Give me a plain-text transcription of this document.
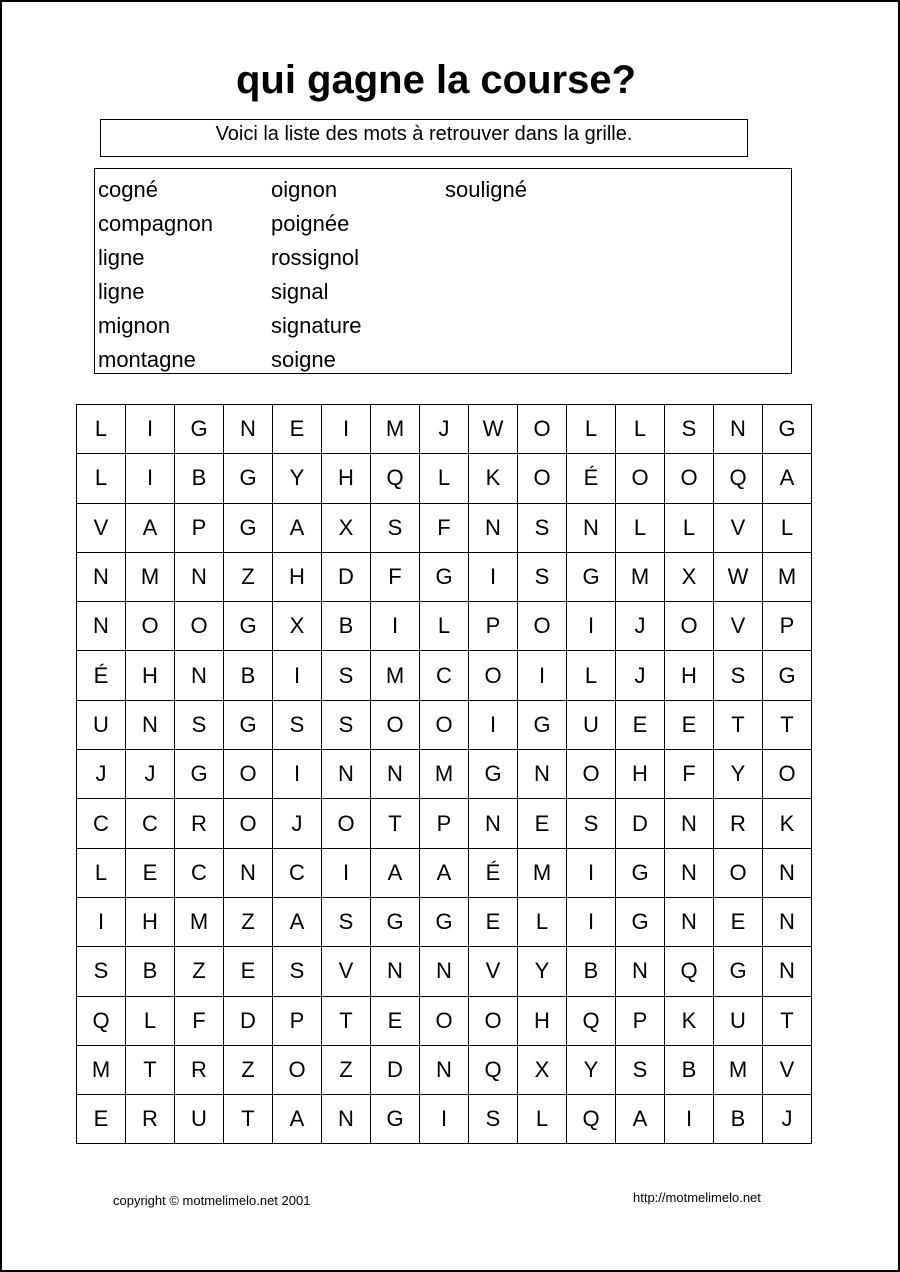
qui gagne la course?
Voici la liste des mots à retrouver dans la grille.
cogné
compagnon
ligne
ligne
mignon
montagne
oignon
poignée
rossignol
signal
signature
soigne
souligné
L	I	G	N	E	I	M	J	W	O	L	L	S	N	G
L	I	B	G	Y	H	Q	L	K	O	É	O	O	Q	A
V	A	P	G	A	X	S	F	N	S	N	L	L	V	L
N	M	N	Z	H	D	F	G	I	S	G	M	X	W	M
N	O	O	G	X	B	I	L	P	O	I	J	O	V	P
É	H	N	B	I	S	M	C	O	I	L	J	H	S	G
U	N	S	G	S	S	O	O	I	G	U	E	E	T	T
J	J	G	O	I	N	N	M	G	N	O	H	F	Y	O
C	C	R	O	J	O	T	P	N	E	S	D	N	R	K
L	E	C	N	C	I	A	A	É	M	I	G	N	O	N
I	H	M	Z	A	S	G	G	E	L	I	G	N	E	N
S	B	Z	E	S	V	N	N	V	Y	B	N	Q	G	N
Q	L	F	D	P	T	E	O	O	H	Q	P	K	U	T
M	T	R	Z	O	Z	D	N	Q	X	Y	S	B	M	V
E	R	U	T	A	N	G	I	S	L	Q	A	I	B	J
copyright © motmelimelo.net 2001	http://motmelimelo.net
